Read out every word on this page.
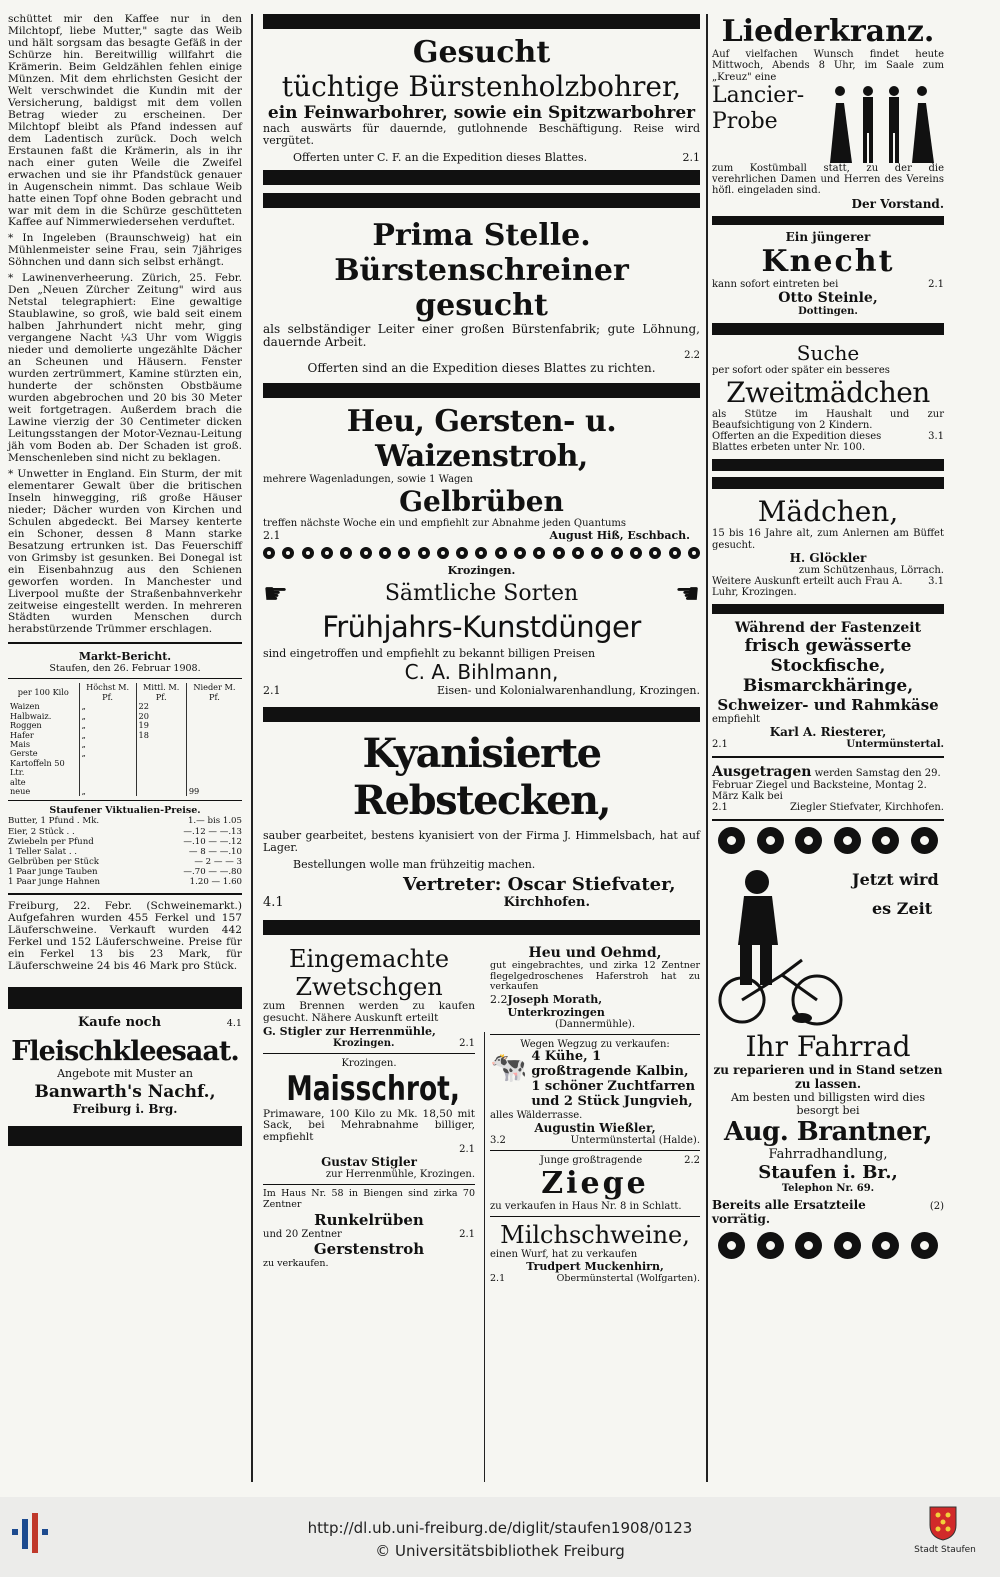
schüttet mir den Kaffee nur in den Milchtopf, liebe Mutter," sagte das Weib und hält sorgsam das besagte Gefäß in der Schürze hin. Bereitwillig willfahrt die Krämerin. Beim Geldzählen fehlen einige Münzen. Mit dem ehrlichsten Gesicht der Welt verschwindet die Kundin mit der Versicherung, baldigst mit dem vollen Betrag wieder zu erscheinen. Der Milchtopf bleibt als Pfand indessen auf dem Ladentisch zurück. Doch welch Erstaunen faßt die Krämerin, als in ihr nach einer guten Weile die Zweifel erwachen und sie ihr Pfandstück genauer in Augenschein nimmt. Das schlaue Weib hatte einen Topf ohne Boden gebracht und war mit dem in die Schürze geschütteten Kaffee auf Nimmerwiedersehen verduftet.

* In Ingeleben (Braunschweig) hat ein Mühlenmeister seine Frau, sein 7jähriges Söhnchen und dann sich selbst erhängt.

* Lawinenverheerung. Zürich, 25. Febr. Den „Neuen Zürcher Zeitung" wird aus Netstal telegraphiert: Eine gewaltige Staublawine, so groß, wie bald seit einem halben Jahrhundert nicht mehr, ging vergangene Nacht ¼3 Uhr vom Wiggis nieder und demolierte ungezählte Dächer an Scheunen und Häusern. Fenster wurden zertrümmert, Kamine stürzten ein, hunderte der schönsten Obstbäume wurden abgebrochen und 20 bis 30 Meter weit fortgetragen. Außerdem brach die Lawine vierzig der 30 Centimeter dicken Leitungsstangen der Motor-Veznau-Leitung jäh vom Boden ab. Der Schaden ist groß. Menschenleben sind nicht zu beklagen.

* Unwetter in England. Ein Sturm, der mit elementarer Gewalt über die britischen Inseln hinwegging, riß große Häuser nieder; Dächer wurden von Kirchen und Schulen abgedeckt. Bei Marsey kenterte ein Schoner, dessen 8 Mann starke Besatzung ertrunken ist. Das Feuerschiff von Grimsby ist gesunken. Bei Donegal ist ein Eisenbahnzug aus den Schienen geworfen worden. In Manchester und Liverpool mußte der Straßenbahnverkehr zeitweise eingestellt werden. In mehreren Städten wurden Menschen durch herabstürzende Trümmer erschlagen.

Markt-Bericht.

Staufen, den 26. Februar 1908.

per 100 Kilo	Höchst M. Pf.	Mittl. M. Pf.	Nieder M. Pf.
Waizen	„	22	
Halbwaiz.	„	20	
Roggen	„	19	
Hafer	„	18	
Mais	„		
Gerste	„		
Kartoffeln 50 Ltr.			
alte			
neue	„		99

Staufener Viktualien-Preise.

Butter, 1 Pfund . Mk.	1.— bis 1.05
Eier, 2 Stück . .	—.12 — —.13
Zwiebeln per Pfund	—.10 — —.12
1 Teller Salat . .	— 8 — —.10
Gelbrüben per Stück	— 2 — — 3
1 Paar junge Tauben	—.70 — —.80
1 Paar junge Hahnen	1.20 — 1.60

Freiburg, 22. Febr. (Schweinemarkt.) Aufgefahren wurden 455 Ferkel und 157 Läuferschweine. Verkauft wurden 442 Ferkel und 152 Läuferschweine. Preise für ein Ferkel 13 bis 23 Mark, für Läuferschweine 24 bis 46 Mark pro Stück.

Kaufe noch	4.1

Fleischkleesaat.

Angebote mit Muster an

Banwarth's Nachf.,

Freiburg i. Brg.

Gesucht

tüchtige Bürstenholzbohrer,

ein Feinwarbohrer, sowie ein Spitzwarbohrer

nach auswärts für dauernde, gutlohnende Beschäftigung. Reise wird vergütet.

Offerten unter C. F. an die Expedition dieses Blattes.	2.1

Prima Stelle.

Bürstenschreiner gesucht

als selbständiger Leiter einer großen Bürstenfabrik; gute Löhnung, dauernde Arbeit.

2.2

Offerten sind an die Expedition dieses Blattes zu richten.

Heu, Gersten- u. Waizenstroh,

mehrere Wagenladungen, sowie 1 Wagen

Gelbrüben

treffen nächste Woche ein und empfiehlt zur Abnahme jeden Quantums

2.1	August Hiß, Eschbach.

Krozingen.

☛	Sämtliche Sorten	☛

Frühjahrs-Kunstdünger

sind eingetroffen und empfiehlt zu bekannt billigen Preisen

C. A. Bihlmann,

2.1	Eisen- und Kolonialwarenhandlung, Krozingen.

Kyanisierte Rebstecken,

sauber gearbeitet, bestens kyanisiert von der Firma J. Himmelsbach, hat auf Lager.

Bestellungen wolle man frühzeitig machen.

Vertreter: Oscar Stiefvater,

4.1	Kirchhofen.

Eingemachte

Zwetschgen

zum Brennen werden zu kaufen gesucht. Nähere Auskunft erteilt

G. Stigler zur Herrenmühle,

Krozingen.	2.1

Krozingen.

Maisschrot,

Primaware, 100 Kilo zu Mk. 18,50 mit Sack, bei Mehrabnahme billiger, empfiehlt

2.1

Gustav Stigler

zur Herrenmühle, Krozingen.

Im Haus Nr. 58 in Biengen sind zirka 70 Zentner

Runkelrüben

und 20 Zentner	2.1

Gerstenstroh

zu verkaufen.

Heu und Oehmd,

gut eingebrachtes, und zirka 12 Zentner flegelgedroschenes Haferstroh hat zu verkaufen

2.2 Joseph Morath, Unterkrozingen

(Dannermühle).

Wegen Wegzug zu verkaufen:

🐄 4 Kühe, 1 großtragende Kalbin, 1 schöner Zuchtfarren und 2 Stück Jungvieh,

alles Wälderrasse.

Augustin Wießler,

3.2	Untermünstertal (Halde).
Junge großtragende	2.2

Ziege

zu verkaufen in Haus Nr. 8 in Schlatt.

Milchschweine,

einen Wurf, hat zu verkaufen

Trudpert Muckenhirn,

2.1	Obermünstertal (Wolfgarten).

Liederkranz.

Auf vielfachen Wunsch findet heute Mittwoch, Abends 8 Uhr, im Saale zum „Kreuz" eine

Lancier-Probe

zum Kostümball statt, zu der die verehrlichen Damen und Herren des Vereins höfl. eingeladen sind.

Der Vorstand.

Ein jüngerer

Knecht

kann sofort eintreten bei	2.1

Otto Steinle,

Dottingen.

Suche

per sofort oder später ein besseres

Zweitmädchen

als Stütze im Haushalt und zur Beaufsichtigung von 2 Kindern.

Offerten an die Expedition dieses Blattes erbeten unter Nr. 100.
3.1

Mädchen,

15 bis 16 Jahre alt, zum Anlernen am Büffet gesucht.

H. Glöckler

zum Schützenhaus, Lörrach.

Weitere Auskunft erteilt auch Frau A. Luhr, Krozingen.
3.1

Während der Fastenzeit

frisch gewässerte Stockfische,

Bismarckhäringe,

Schweizer- und Rahmkäse

empfiehlt

Karl A. Riesterer,

2.1	Untermünstertal.
Ausgetragen werden Samstag den 29. Februar Ziegel und Backsteine, Montag 2. März Kalk bei
2.1	Ziegler Stiefvater, Kirchhofen.

Jetzt wird

es Zeit

Ihr Fahrrad

zu reparieren und in Stand setzen zu lassen.

Am besten und billigsten wird dies besorgt bei

Aug. Brantner,

Fahrradhandlung,

Staufen i. Br.,

Telephon Nr. 69.

Bereits alle Ersatzteile vorrätig.
(2)
http://dl.ub.uni-freiburg.de/diglit/staufen1908/0123

© Universitätsbibliothek Freiburg	Stadt Staufen
